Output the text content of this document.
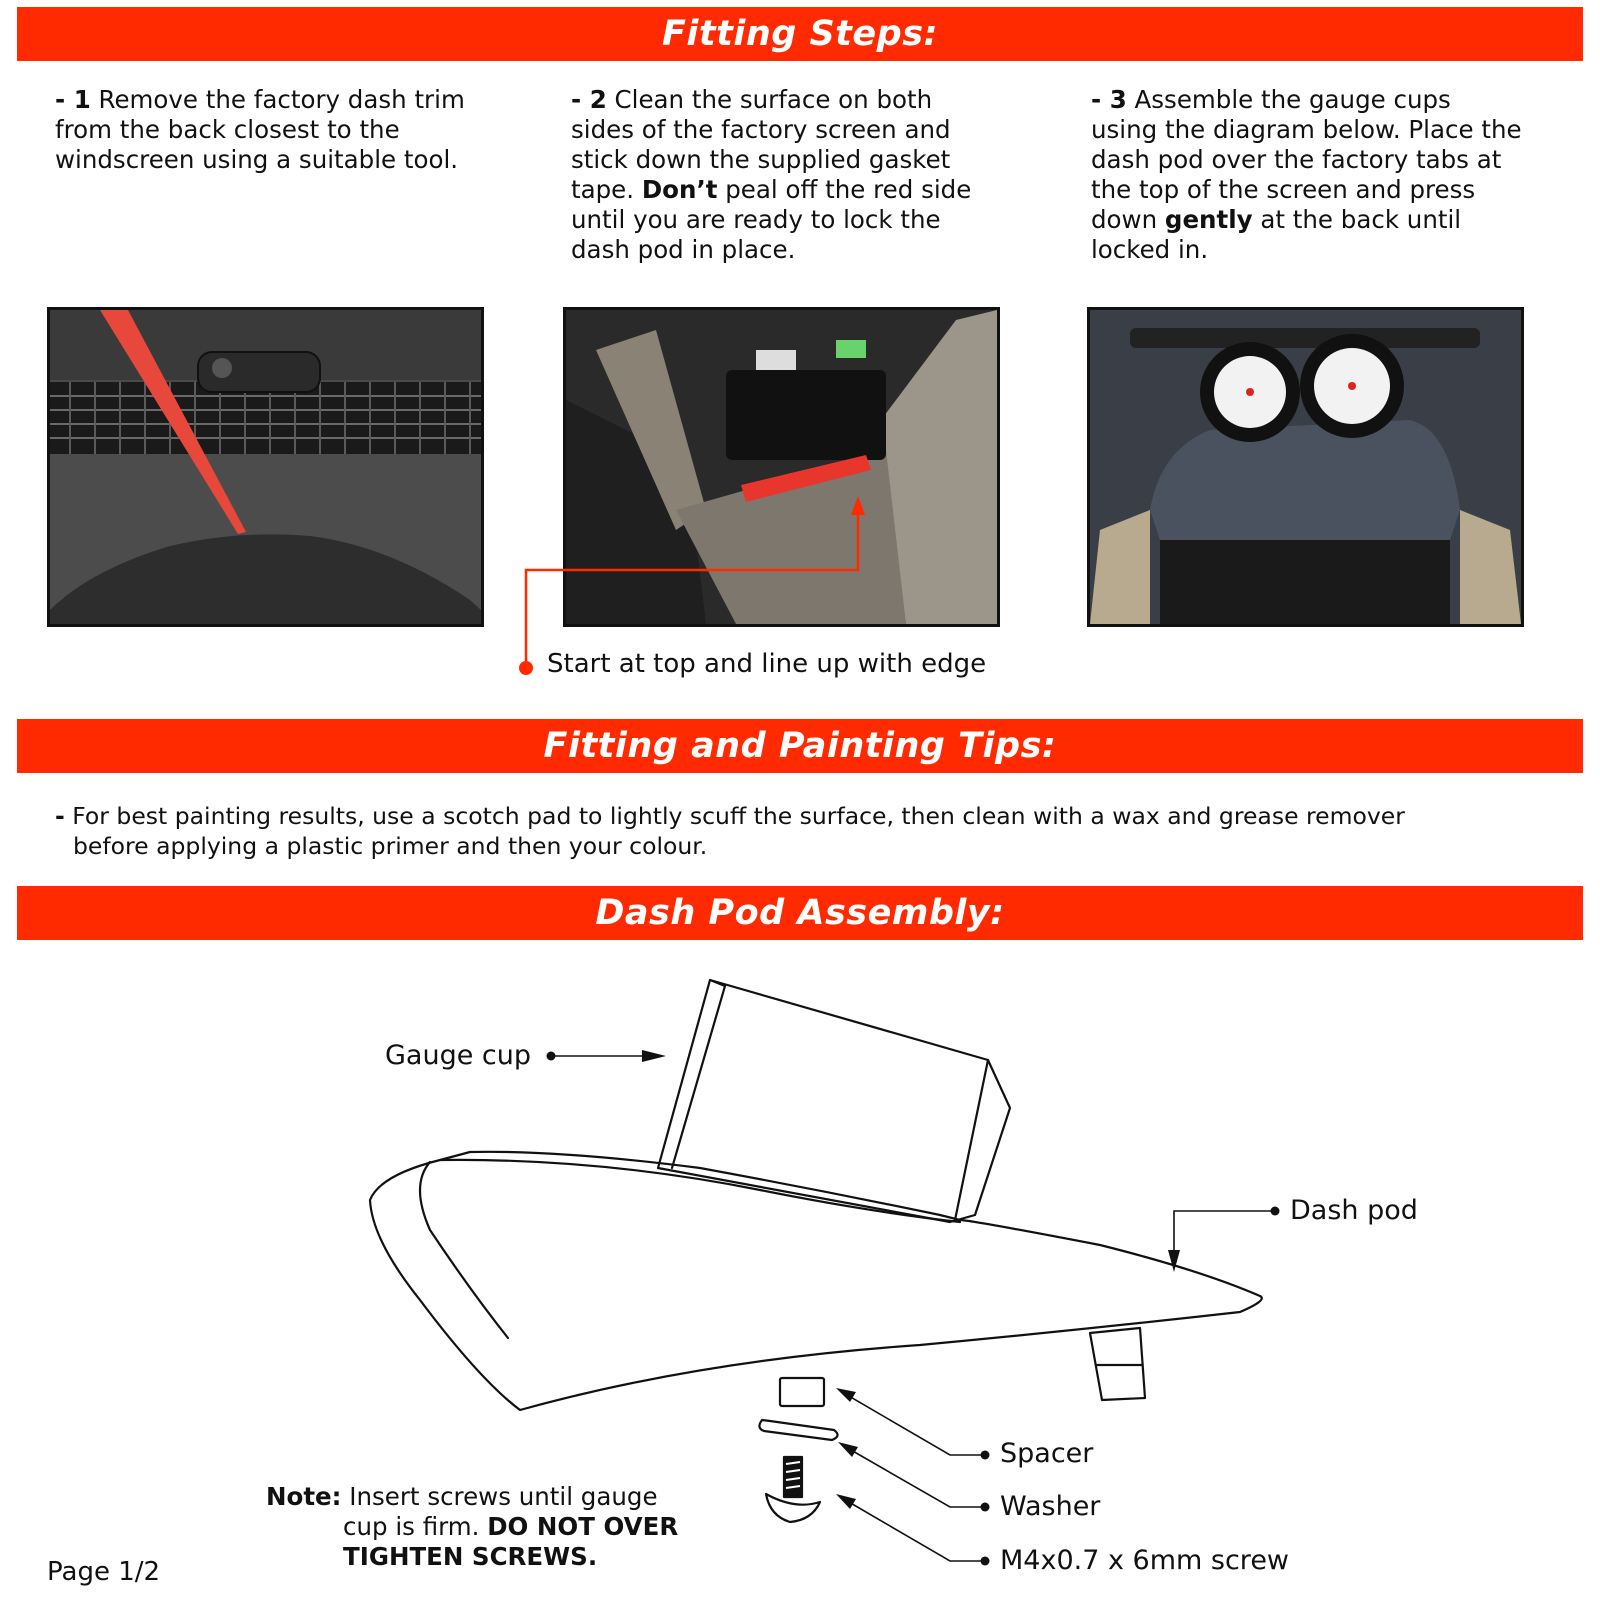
Fitting Steps:
Fitting and Painting Tips:
Dash Pod Assembly:
- 1 Remove the factory dash trim
from the back closest to the
windscreen using a suitable tool.
- 2 Clean the surface on both
sides of the factory screen and
stick down the supplied gasket
tape. Don’t peal off the red side
until you are ready to lock the
dash pod in place.
- 3 Assemble the gauge cups
using the diagram below. Place the
dash pod over the factory tabs at
the top of the screen and press
down gently at the back until
locked in.
Start at top and line up with edge
- For best painting results, use a scotch pad to lightly scuff the surface, then clean with a wax and grease remover
before applying a plastic primer and then your colour.
Gauge cup
Dash pod
Spacer
Washer
M4x0.7 x 6mm screw
Note: Insert screws until gauge
cup is firm. DO NOT OVER
TIGHTEN SCREWS.
Page 1/2
